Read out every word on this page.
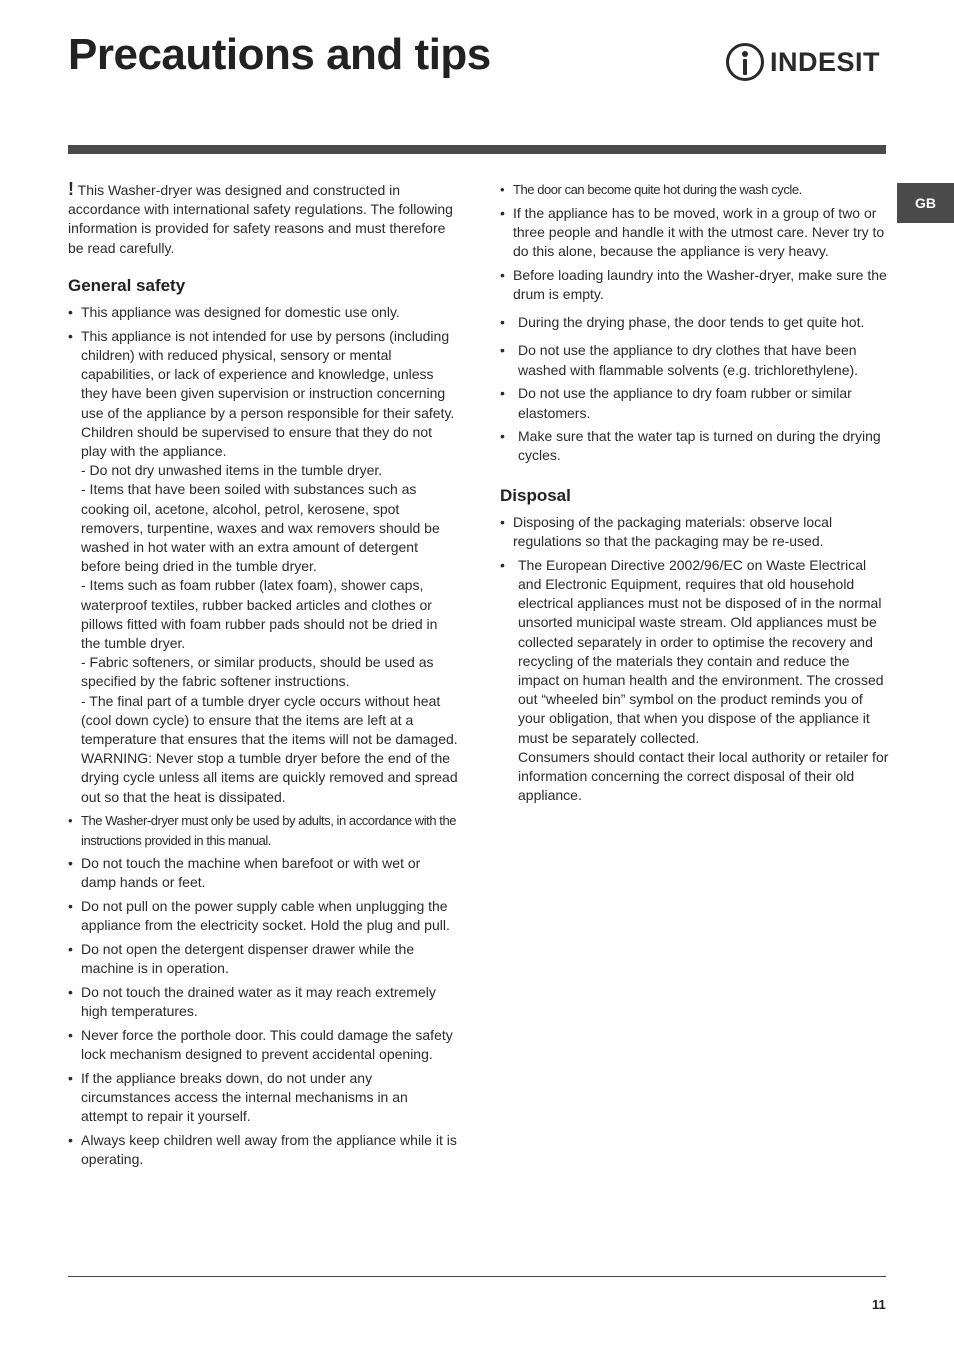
Precautions and tips	INDESIT
GB

! This Washer-dryer was designed and constructed in accordance with international safety regulations. The following information is provided for safety reasons and must therefore be read carefully.

General safety
• This appliance was designed for domestic use only.
• This appliance is not intended for use by persons (including children) with reduced physical, sensory or mental capabilities, or lack of experience and knowledge, unless they have been given supervision or instruction concerning use of the appliance by a person responsible for their safety. Children should be supervised to ensure that they do not play with the appliance.
- Do not dry unwashed items in the tumble dryer.
- Items that have been soiled with substances such as cooking oil, acetone, alcohol, petrol, kerosene, spot removers, turpentine, waxes and wax removers should be washed in hot water with an extra amount of detergent before being dried in the tumble dryer.
- Items such as foam rubber (latex foam), shower caps, waterproof textiles, rubber backed articles and clothes or pillows fitted with foam rubber pads should not be dried in the tumble dryer.
- Fabric softeners, or similar products, should be used as specified by the fabric softener instructions.
- The final part of a tumble dryer cycle occurs without heat (cool down cycle) to ensure that the items are left at a temperature that ensures that the items will not be damaged.
WARNING: Never stop a tumble dryer before the end of the drying cycle unless all items are quickly removed and spread out so that the heat is dissipated.
• The Washer-dryer must only be used by adults, in accordance with the instructions provided in this manual.
• Do not touch the machine when barefoot or with wet or damp hands or feet.
• Do not pull on the power supply cable when unplugging the appliance from the electricity socket. Hold the plug and pull.
• Do not open the detergent dispenser drawer while the machine is in operation.
• Do not touch the drained water as it may reach extremely high temperatures.
• Never force the porthole door. This could damage the safety lock mechanism designed to prevent accidental opening.
• If the appliance breaks down, do not under any circumstances access the internal mechanisms in an attempt to repair it yourself.
• Always keep children well away from the appliance while it is operating.
• The door can become quite hot during the wash cycle.
• If the appliance has to be moved, work in a group of two or three people and handle it with the utmost care. Never try to do this alone, because the appliance is very heavy.
• Before loading laundry into the Washer-dryer, make sure the drum is empty.
• During the drying phase, the door tends to get quite hot.
• Do not use the appliance to dry clothes that have been washed with flammable solvents (e.g. trichlorethylene).
• Do not use the appliance to dry foam rubber or similar elastomers.
• Make sure that the water tap is turned on during the drying cycles.
Disposal
• Disposing of the packaging materials: observe local regulations so that the packaging may be re-used.
• The European Directive 2002/96/EC on Waste Electrical and Electronic Equipment, requires that old household electrical appliances must not be disposed of in the normal unsorted municipal waste stream. Old appliances must be collected separately in order to optimise the recovery and recycling of the materials they contain and reduce the impact on human health and the environment. The crossed out “wheeled bin” symbol on the product reminds you of your obligation, that when you dispose of the appliance it must be separately collected.
Consumers should contact their local authority or retailer for information concerning the correct disposal of their old appliance.
11
